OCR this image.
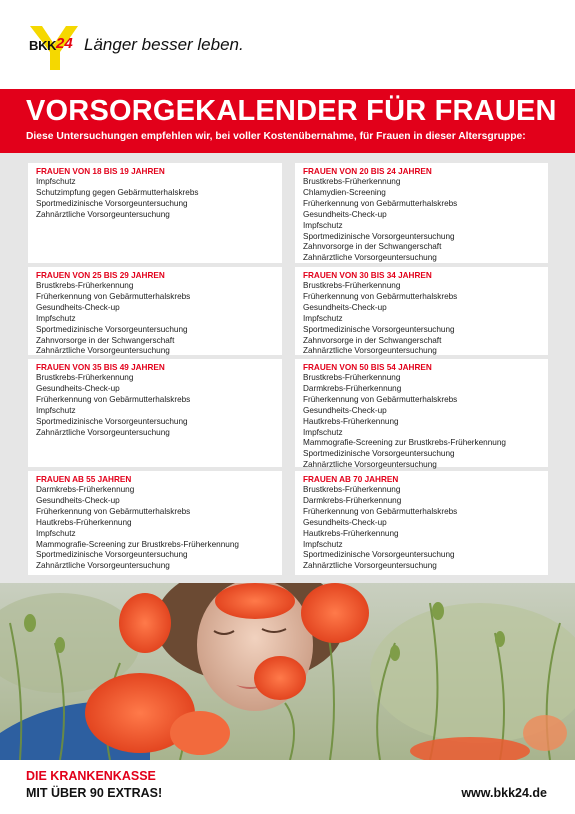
BKK 24 Länger besser leben.
VORSORGEKALENDER FÜR FRAUEN
Diese Untersuchungen empfehlen wir, bei voller Kostenübernahme, für Frauen in dieser Altersgruppe:
FRAUEN VON 18 BIS 19 JAHREN
Impfschutz
Schutzimpfung gegen Gebärmutterhalskrebs
Sportmedizinische Vorsorgeuntersuchung
Zahnärztliche Vorsorgeuntersuchung
FRAUEN VON 20 BIS 24 JAHREN
Brustkrebs-Früherkennung
Chlamydien-Screening
Früherkennung von Gebärmutterhalskrebs
Gesundheits-Check-up
Impfschutz
Sportmedizinische Vorsorgeuntersuchung
Zahnvorsorge in der Schwangerschaft
Zahnärztliche Vorsorgeuntersuchung
FRAUEN VON 25 BIS 29 JAHREN
Brustkrebs-Früherkennung
Früherkennung von Gebärmutterhalskrebs
Gesundheits-Check-up
Impfschutz
Sportmedizinische Vorsorgeuntersuchung
Zahnvorsorge in der Schwangerschaft
Zahnärztliche Vorsorgeuntersuchung
FRAUEN VON 30 BIS 34 JAHREN
Brustkrebs-Früherkennung
Früherkennung von Gebärmutterhalskrebs
Gesundheits-Check-up
Impfschutz
Sportmedizinische Vorsorgeuntersuchung
Zahnvorsorge in der Schwangerschaft
Zahnärztliche Vorsorgeuntersuchung
FRAUEN VON 35 BIS 49 JAHREN
Brustkrebs-Früherkennung
Gesundheits-Check-up
Früherkennung von Gebärmutterhalskrebs
Impfschutz
Sportmedizinische Vorsorgeuntersuchung
Zahnärztliche Vorsorgeuntersuchung
FRAUEN VON 50 BIS 54 JAHREN
Brustkrebs-Früherkennung
Darmkrebs-Früherkennung
Früherkennung von Gebärmutterhalskrebs
Gesundheits-Check-up
Hautkrebs-Früherkennung
Impfschutz
Mammografie-Screening zur Brustkrebs-Früherkennung
Sportmedizinische Vorsorgeuntersuchung
Zahnärztliche Vorsorgeuntersuchung
FRAUEN AB 55 JAHREN
Darmkrebs-Früherkennung
Gesundheits-Check-up
Früherkennung von Gebärmutterhalskrebs
Hautkrebs-Früherkennung
Impfschutz
Mammografie-Screening zur Brustkrebs-Früherkennung
Sportmedizinische Vorsorgeuntersuchung
Zahnärztliche Vorsorgeuntersuchung
FRAUEN AB 70 JAHREN
Brustkrebs-Früherkennung
Darmkrebs-Früherkennung
Früherkennung von Gebärmutterhalskrebs
Gesundheits-Check-up
Hautkrebs-Früherkennung
Impfschutz
Sportmedizinische Vorsorgeuntersuchung
Zahnärztliche Vorsorgeuntersuchung
DIE KRANKENKASSE
MIT ÜBER 90 EXTRAS!	www.bkk24.de
